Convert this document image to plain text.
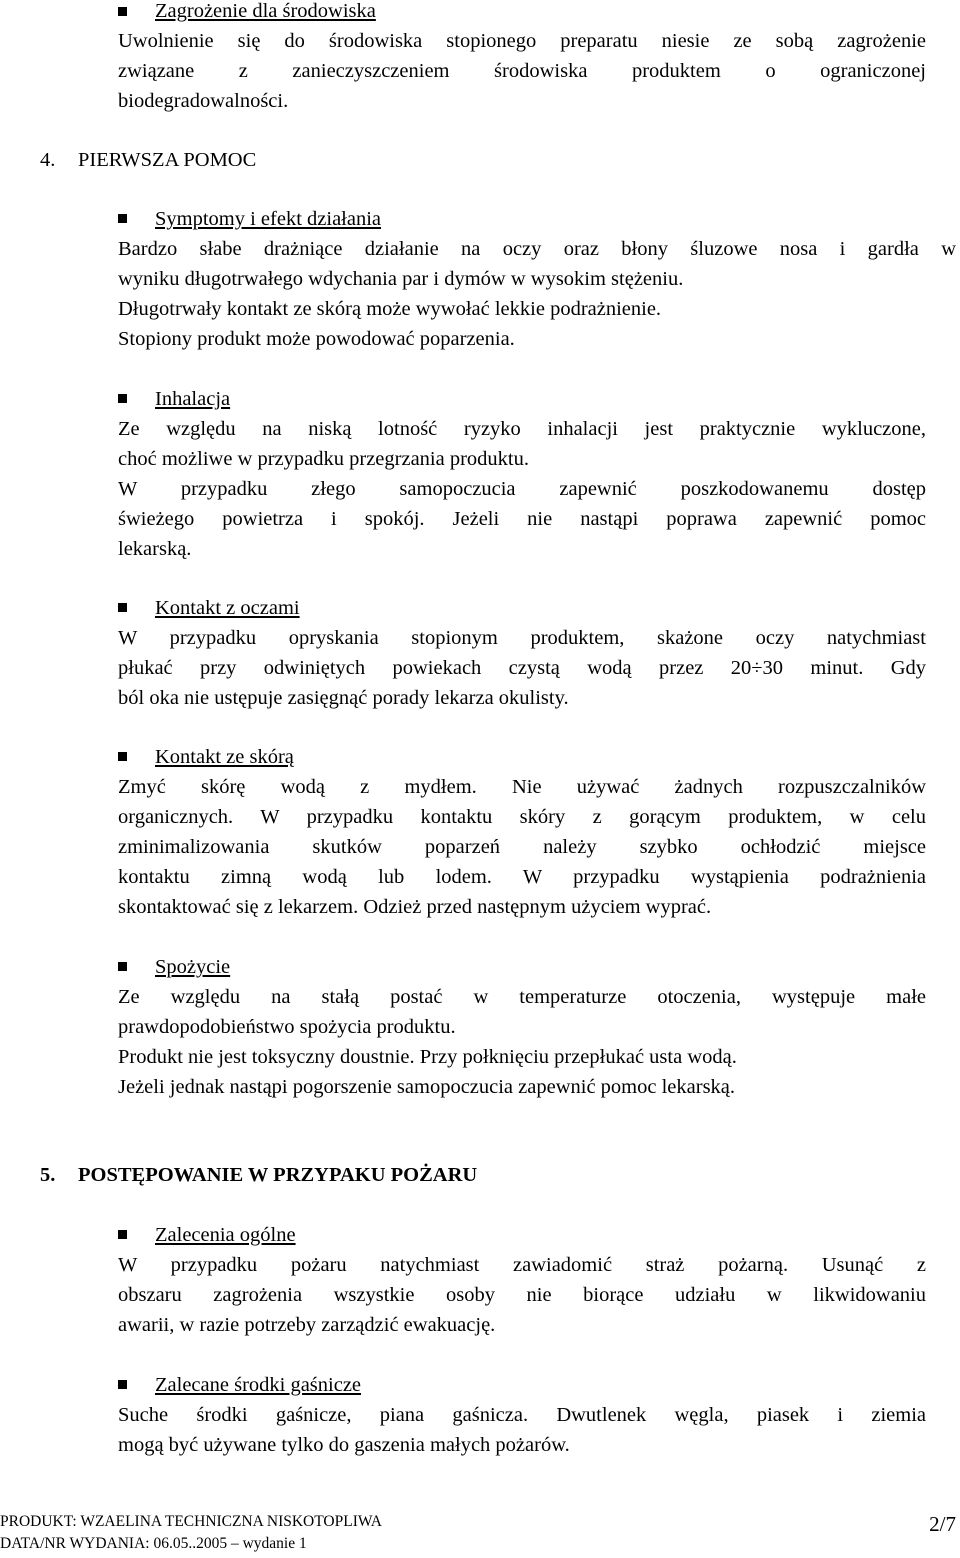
Zagrożenie dla środowiska

Uwolnienie się do środowiska stopionego preparatu niesie ze sobą zagrożenie

związane z zanieczyszczeniem środowiska produktem o ograniczonej

biodegradowalności.

4. PIERWSZA POMOC

Symptomy i efekt działania

Bardzo słabe drażniące działanie na oczy oraz błony śluzowe nosa i gardła w

wyniku długotrwałego wdychania par i dymów w wysokim stężeniu.

Długotrwały kontakt ze skórą może wywołać lekkie podrażnienie.

Stopiony produkt może powodować poparzenia.

Inhalacja

Ze względu na niską lotność ryzyko inhalacji jest praktycznie wykluczone,

choć możliwe w przypadku przegrzania produktu.

W przypadku złego samopoczucia zapewnić poszkodowanemu dostęp

świeżego powietrza i spokój. Jeżeli nie nastąpi poprawa zapewnić pomoc

lekarską.

Kontakt z oczami

W przypadku opryskania stopionym produktem, skażone oczy natychmiast

płukać przy odwiniętych powiekach czystą wodą przez 20÷30 minut. Gdy

ból oka nie ustępuje zasięgnąć porady lekarza okulisty.

Kontakt ze skórą

Zmyć skórę wodą z mydłem. Nie używać żadnych rozpuszczalników

organicznych. W przypadku kontaktu skóry z gorącym produktem, w celu

zminimalizowania skutków poparzeń należy szybko ochłodzić miejsce

kontaktu zimną wodą lub lodem. W przypadku wystąpienia podrażnienia

skontaktować się z lekarzem. Odzież przed następnym użyciem wyprać.

Spożycie

Ze względu na stałą postać w temperaturze otoczenia, występuje małe

prawdopodobieństwo spożycia produktu.

Produkt nie jest toksyczny doustnie. Przy połknięciu przepłukać usta wodą.

Jeżeli jednak nastąpi pogorszenie samopoczucia zapewnić pomoc lekarską.

5. POSTĘPOWANIE W PRZYPAKU POŻARU

Zalecenia ogólne

W przypadku pożaru natychmiast zawiadomić straż pożarną. Usunąć z

obszaru zagrożenia wszystkie osoby nie biorące udziału w likwidowaniu

awarii, w razie potrzeby zarządzić ewakuację.

Zalecane środki gaśnicze

Suche środki gaśnicze, piana gaśnicza. Dwutlenek węgla, piasek i ziemia

mogą być używane tylko do gaszenia małych pożarów.

PRODUKT: WZAELINA TECHNICZNA NISKOTOPLIWA

DATA/NR WYDANIA: 06.05..2005 – wydanie 1

2/7
